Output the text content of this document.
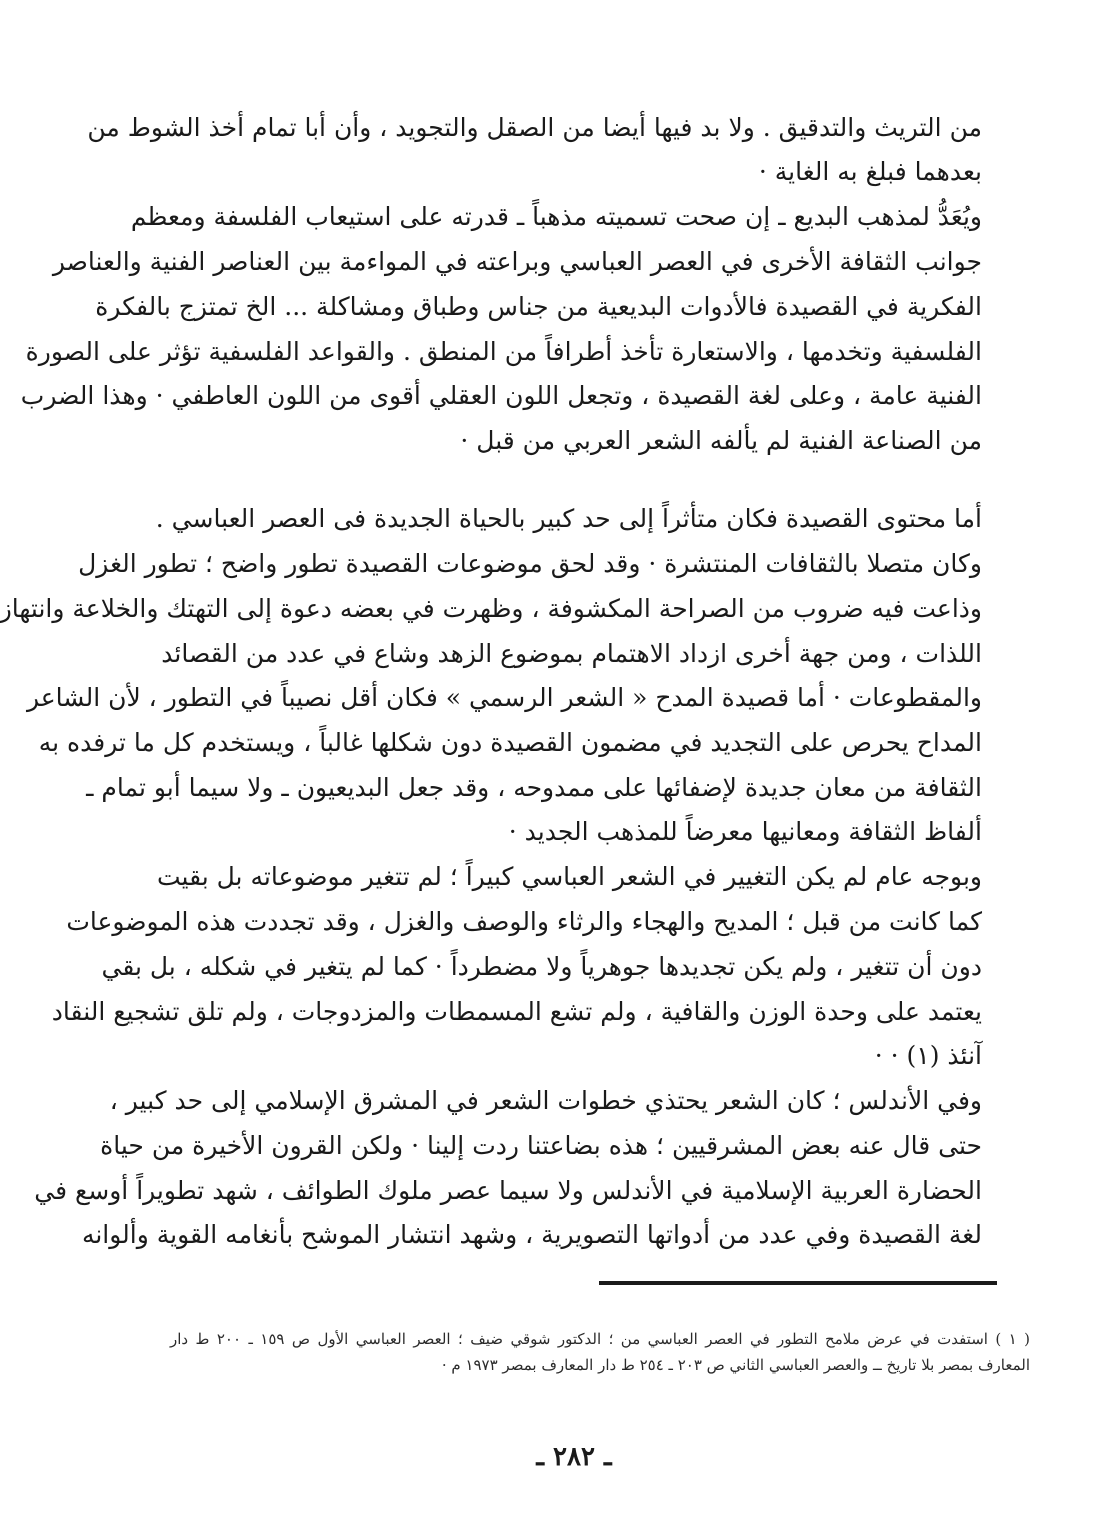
من التريث والتدقيق . ولا بد فيها أيضا من الصقل والتجويد ، وأن أبا تمام أخذ الشوط من
بعدهما فبلغ به الغاية ·
ويُعَدُّ لمذهب البديع ـ إن صحت تسميته مذهباً ـ قدرته على استيعاب الفلسفة ومعظم
جوانب الثقافة الأخرى في العصر العباسي وبراعته في المواءمة بين العناصر الفنية والعناصر
الفكرية في القصيدة فالأدوات البديعية من جناس وطباق ومشاكلة ... الخ تمتزج بالفكرة
الفلسفية وتخدمها ، والاستعارة تأخذ أطرافاً من المنطق . والقواعد الفلسفية تؤثر على الصورة
الفنية عامة ، وعلى لغة القصيدة ، وتجعل اللون العقلي أقوى من اللون العاطفي · وهذا الضرب
من الصناعة الفنية لم يألفه الشعر العربي من قبل ·
أما محتوى القصيدة فكان متأثراً إلى حد كبير بالحياة الجديدة فى العصر العباسي .
وكان متصلا بالثقافات المنتشرة · وقد لحق موضوعات القصيدة تطور واضح ؛ تطور الغزل
وذاعت فيه ضروب من الصراحة المكشوفة ، وظهرت في بعضه دعوة إلى التهتك والخلاعة وانتهاز
اللذات ، ومن جهة أخرى ازداد الاهتمام بموضوع الزهد وشاع في عدد من القصائد
والمقطوعات · أما قصيدة المدح « الشعر الرسمي » فكان أقل نصيباً في التطور ، لأن الشاعر
المداح يحرص على التجديد في مضمون القصيدة دون شكلها غالباً ، ويستخدم كل ما ترفده به
الثقافة من معان جديدة لإضفائها على ممدوحه ، وقد جعل البديعيون ـ ولا سيما أبو تمام ـ
ألفاظ الثقافة ومعانيها معرضاً للمذهب الجديد ·
وبوجه عام لم يكن التغيير في الشعر العباسي كبيراً ؛ لم تتغير موضوعاته بل بقيت
كما كانت من قبل ؛ المديح والهجاء والرثاء والوصف والغزل ، وقد تجددت هذه الموضوعات
دون أن تتغير ، ولم يكن تجديدها جوهرياً ولا مضطرداً · كما لم يتغير في شكله ، بل بقي
يعتمد على وحدة الوزن والقافية ، ولم تشع المسمطات والمزدوجات ، ولم تلق تشجيع النقاد
آنئذ (١) · ·
وفي الأندلس ؛ كان الشعر يحتذي خطوات الشعر في المشرق الإسلامي إلى حد كبير ،
حتى قال عنه بعض المشرقيين ؛ هذه بضاعتنا ردت إلينا · ولكن القرون الأخيرة من حياة
الحضارة العربية الإسلامية في الأندلس ولا سيما عصر ملوك الطوائف ، شهد تطويراً أوسع في
لغة القصيدة وفي عدد من أدواتها التصويرية ، وشهد انتشار الموشح بأنغامه القوية وألوانه
( ١ ) استفدت في عرض ملامح التطور في العصر العباسي من ؛ الدكتور شوقي ضيف ؛ العصر العباسي الأول ص ١٥٩ ـ ٢٠٠ ط دار
المعارف بمصر بلا تاريخ ــ والعصر العباسي الثاني ص ٢٠٣ ـ ٢٥٤ ط دار المعارف بمصر ١٩٧٣ م ·
ـ ٢٨٢ ـ
